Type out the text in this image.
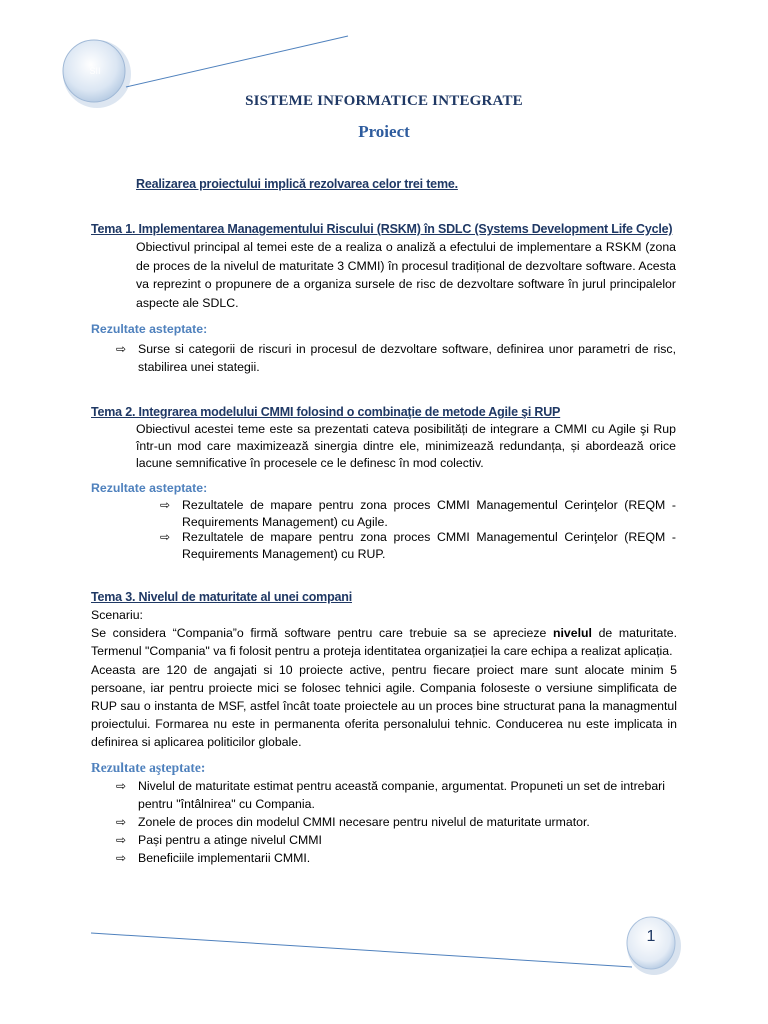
SII
SISTEME INFORMATICE INTEGRATE
Proiect
Realizarea proiectului implică rezolvarea celor trei teme.
Tema 1. Implementarea Managementului Riscului (RSKM) în SDLC (Systems Development Life Cycle)
Obiectivul principal al temei este de a realiza o analiză a efectului de implementare a RSKM (zona de proces de la nivelul de maturitate 3 CMMI) în procesul tradițional de dezvoltare software. Acesta va reprezint o propunere de a organiza sursele de risc de dezvoltare software în jurul principalelor aspecte ale SDLC.
Rezultate asteptate:
⇨ Surse si categorii de riscuri in procesul de dezvoltare software, definirea unor parametri de risc, stabilirea unei stategii.
Tema 2. Integrarea modelului CMMI folosind o combinaţie de metode Agile şi RUP
Obiectivul acestei teme este sa prezentati cateva posibilități de integrare a CMMI cu Agile şi Rup într-un mod care maximizează sinergia dintre ele, minimizează redundanța, și abordează orice lacune semnificative în procesele ce le definesc în mod colectiv.
Rezultate asteptate:
⇨ Rezultatele de mapare pentru zona proces CMMI Managementul Cerinţelor (REQM - Requirements Management) cu Agile.
⇨ Rezultatele de mapare pentru zona proces CMMI Managementul Cerinţelor (REQM - Requirements Management) cu RUP.
Tema 3. Nivelul de maturitate al unei compani

Scenariu:

Se considera “Compania”o firmă software pentru care trebuie sa se aprecieze nivelul de maturitate. Termenul "Compania" va fi folosit pentru a proteja identitatea organizației la care echipa a realizat aplicația.

Aceasta are 120 de angajati si 10 proiecte active, pentru fiecare proiect mare sunt alocate minim 5 persoane, iar pentru proiecte mici se folosec tehnici agile. Compania foloseste o versiune simplificata de RUP sau o instanta de MSF, astfel încât toate proiectele au un proces bine structurat pana la managmentul proiectului. Formarea nu este in permanenta oferita personalului tehnic. Conducerea nu este implicata in definirea si aplicarea politicilor globale.

Rezultate aşteptate:
⇨ Nivelul de maturitate estimat pentru această companie, argumentat. Propuneti un set de intrebari pentru "întâlnirea" cu Compania.
⇨ Zonele de proces din modelul CMMI necesare pentru nivelul de maturitate urmator.
⇨ Pași pentru a atinge nivelul CMMI
⇨ Beneficiile implementarii CMMI.
1
